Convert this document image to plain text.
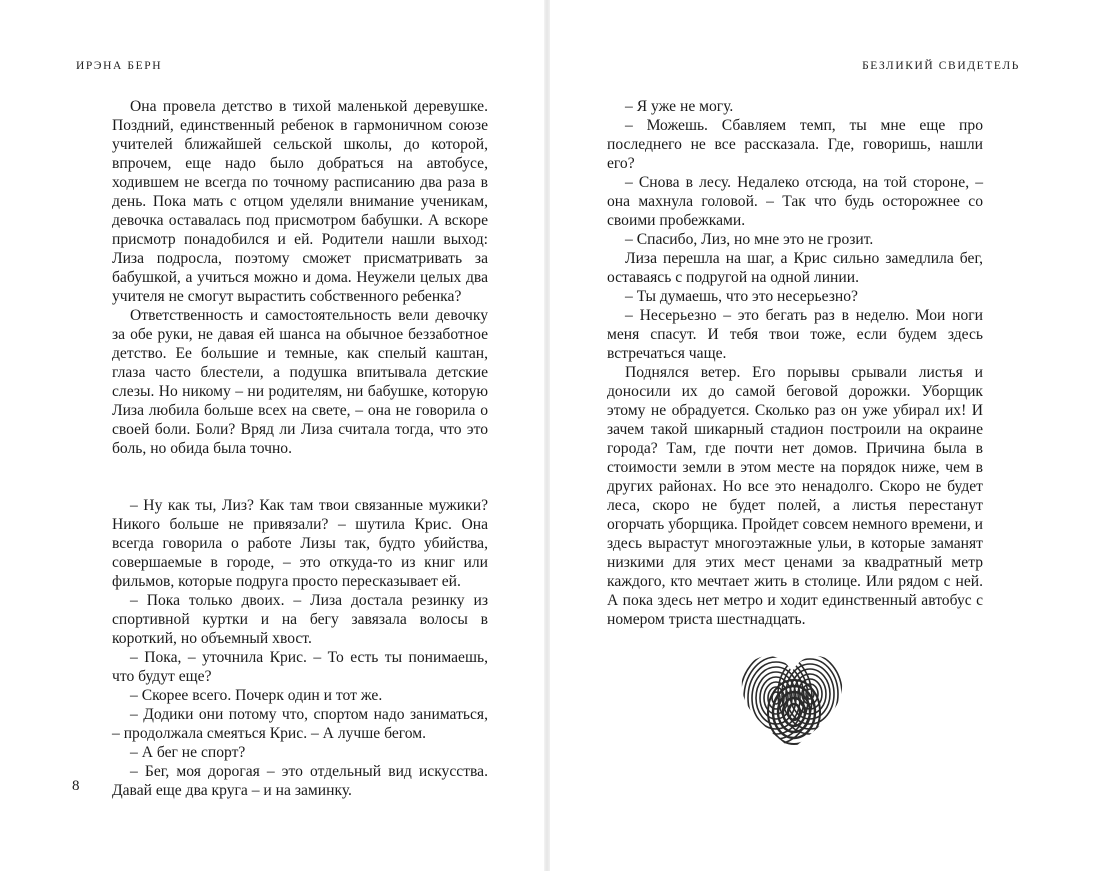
ИРЭНА БЕРН

Она провела детство в тихой маленькой деревушке. Поздний, единственный ребенок в гармоничном союзе учителей ближайшей сельской школы, до которой, впрочем, еще надо было добраться на автобусе, ходившем не всегда по точному расписанию два раза в день. Пока мать с отцом уделяли внимание ученикам, девочка оставалась под присмотром бабушки. А вскоре присмотр понадобился и ей. Родители нашли выход: Лиза подросла, поэтому сможет присматривать за бабушкой, а учиться можно и дома. Неужели целых два учителя не смогут вырастить собственного ребенка?

Ответственность и самостоятельность вели девочку за обе руки, не давая ей шанса на обычное беззаботное детство. Ее большие и темные, как спелый каштан, глаза часто блестели, а подушка впитывала детские слезы. Но никому – ни родителям, ни бабушке, которую Лиза любила больше всех на свете, – она не говорила о своей боли. Боли? Вряд ли Лиза считала тогда, что это боль, но обида была точно.

– Ну как ты, Лиз? Как там твои связанные мужики? Никого больше не привязали? – шутила Крис. Она всегда говорила о работе Лизы так, будто убийства, совершаемые в городе, – это откуда-то из книг или фильмов, которые подруга просто пересказывает ей.

– Пока только двоих. – Лиза достала резинку из спортивной куртки и на бегу завязала волосы в короткий, но объемный хвост.

– Пока, – уточнила Крис. – То есть ты понимаешь, что будут еще?

– Скорее всего. Почерк один и тот же.

– Додики они потому что, спортом надо заниматься, – продолжала смеяться Крис. – А лучше бегом.

– А бег не спорт?

– Бег, моя дорогая – это отдельный вид искусства. Давай еще два круга – и на заминку.

8
БЕЗЛИКИЙ СВИДЕТЕЛЬ

– Я уже не могу.

– Можешь. Сбавляем темп, ты мне еще про последнего не все рассказала. Где, говоришь, нашли его?

– Снова в лесу. Недалеко отсюда, на той стороне, – она махнула головой. – Так что будь осторожнее со своими пробежками.

– Спасибо, Лиз, но мне это не грозит.

Лиза перешла на шаг, а Крис сильно замедлила бег, оставаясь с подругой на одной линии.

– Ты думаешь, что это несерьезно?

– Несерьезно – это бегать раз в неделю. Мои ноги меня спасут. И тебя твои тоже, если будем здесь встречаться чаще.

Поднялся ветер. Его порывы срывали листья и доносили их до самой беговой дорожки. Уборщик этому не обрадуется. Сколько раз он уже убирал их! И зачем такой шикарный стадион построили на окраине города? Там, где почти нет домов. Причина была в стоимости земли в этом месте на порядок ниже, чем в других районах. Но все это ненадолго. Скоро не будет леса, скоро не будет полей, а листья перестанут огорчать уборщика. Пройдет совсем немного времени, и здесь вырастут многоэтажные ульи, в которые заманят низкими для этих мест ценами за квадратный метр каждого, кто мечтает жить в столице. Или рядом с ней. А пока здесь нет метро и ходит единственный автобус с номером триста шестнадцать.
